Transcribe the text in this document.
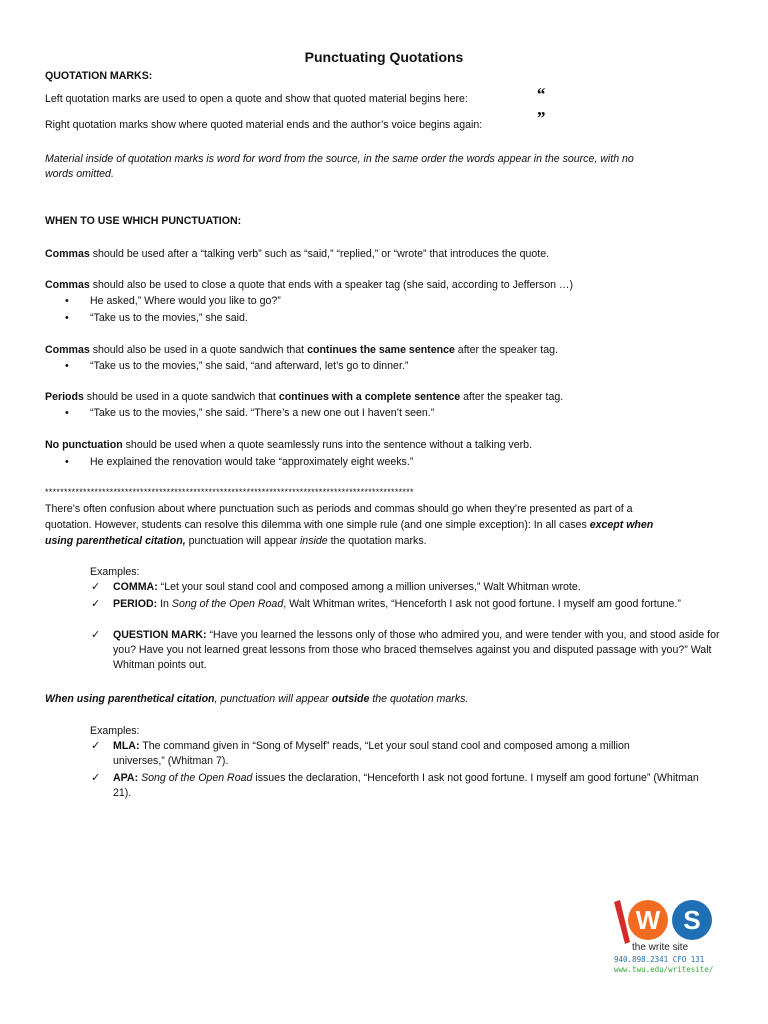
Punctuating Quotations
QUOTATION MARKS:
Left quotation marks are used to open a quote and show that quoted material begins here:	“
Right quotation marks show where quoted material ends and the author’s voice begins again:	”
Material inside of quotation marks is word for word from the source, in the same order the words appear in the source, with no
words omitted.
WHEN TO USE WHICH PUNCTUATION:
Commas should be used after a “talking verb” such as “said,” “replied,” or “wrote” that introduces the quote.
Commas should also be used to close a quote that ends with a speaker tag (she said, according to Jefferson …)
• He asked,” Where would you like to go?”
• “Take us to the movies,” she said.
Commas should also be used in a quote sandwich that continues the same sentence after the speaker tag.
• “Take us to the movies,” she said, “and afterward, let’s go to dinner.”
Periods should be used in a quote sandwich that continues with a complete sentence after the speaker tag.
• “Take us to the movies,” she said. “There’s a new one out I haven’t seen.”
No punctuation should be used when a quote seamlessly runs into the sentence without a talking verb.
• He explained the renovation would take “approximately eight weeks.”
*************************************************************************************************
There’s often confusion about where punctuation such as periods and commas should go when they’re presented as part of a
quotation. However, students can resolve this dilemma with one simple rule (and one simple exception): In all cases except when
using parenthetical citation, punctuation will appear inside the quotation marks.
Examples:
✓ COMMA: “Let your soul stand cool and composed among a million universes,” Walt Whitman wrote.
✓ PERIOD: In Song of the Open Road, Walt Whitman writes, “Henceforth I ask not good fortune. I myself am good fortune.”
✓ QUESTION MARK: “Have you learned the lessons only of those who admired you, and were tender with you, and stood aside for you? Have you not learned great lessons from those who braced themselves against you and disputed passage with you?” Walt Whitman points out.
When using parenthetical citation, punctuation will appear outside the quotation marks.
Examples:
✓ MLA: The command given in “Song of Myself” reads, “Let your soul stand cool and composed among a million universes,” (Whitman 7).
✓ APA: Song of the Open Road issues the declaration, “Henceforth I ask not good fortune. I myself am good fortune” (Whitman 21).
W S
the write site
940.898.2341 CFO 131
www.twu.edu/writesite/
